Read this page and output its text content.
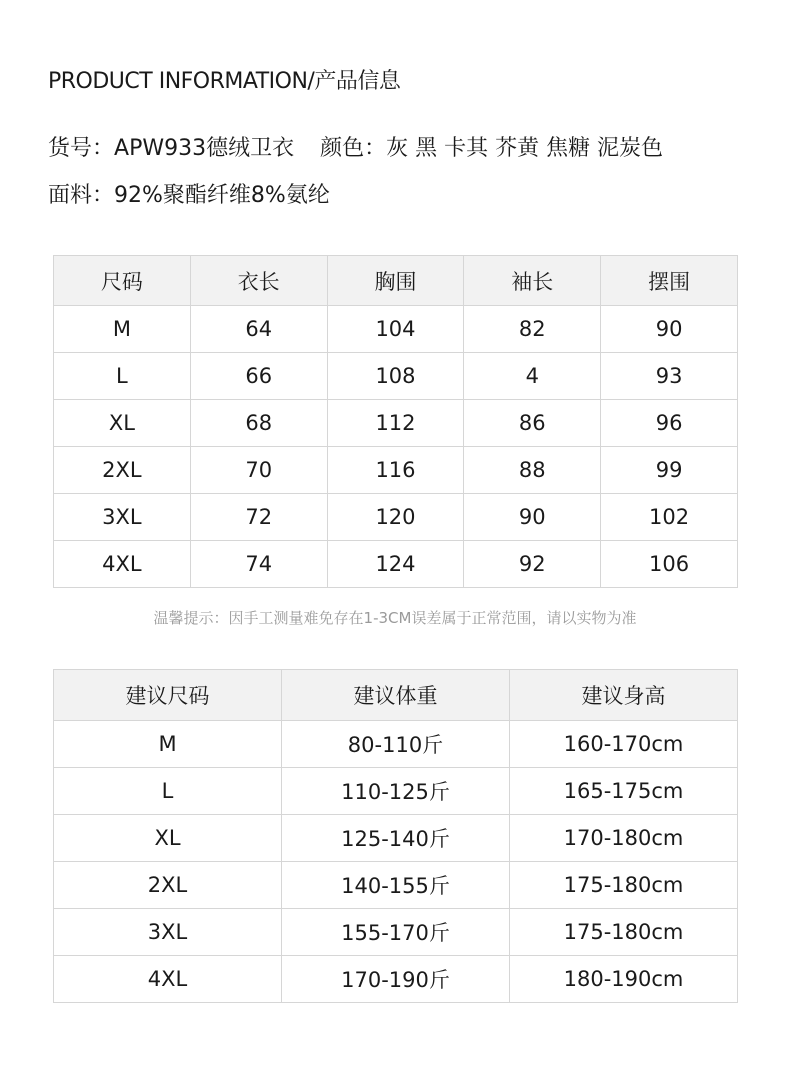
PRODUCT INFORMATION/产品信息
货号：APW933德绒卫衣 颜色：灰 黑 卡其 芥黄 焦糖 泥炭色
面料：92%聚酯纤维8%氨纶
尺码	衣长	胸围	袖长	摆围
M	64	104	82	90
L	66	108	4	93
XL	68	112	86	96
2XL	70	116	88	99
3XL	72	120	90	102
4XL	74	124	92	106
温馨提示：因手工测量难免存在1-3CM误差属于正常范围，请以实物为准
建议尺码	建议体重	建议身高
M	80-110斤	160-170cm
L	110-125斤	165-175cm
XL	125-140斤	170-180cm
2XL	140-155斤	175-180cm
3XL	155-170斤	175-180cm
4XL	170-190斤	180-190cm
